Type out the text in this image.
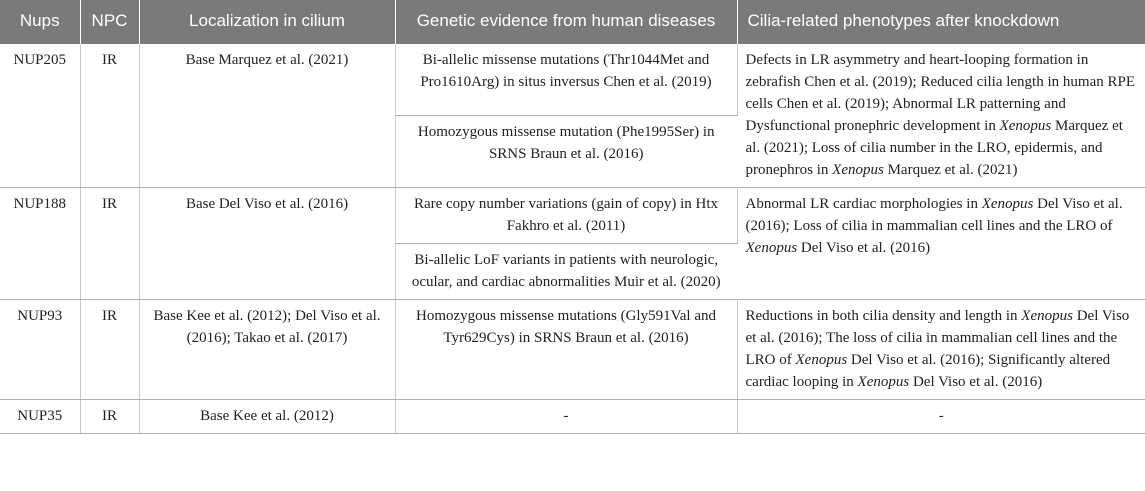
Nups	NPC	Localization in cilium	Genetic evidence from human diseases	Cilia-related phenotypes after knockdown
NUP205	IR	Base Marquez et al. (2021)	Bi-allelic missense mutations (Thr1044Met and Pro1610Arg) in situs inversus Chen et al. (2019)	Defects in LR asymmetry and heart-looping formation in zebrafish Chen et al. (2019); Reduced cilia length in human RPE cells Chen et al. (2019); Abnormal LR patterning and Dysfunctional pronephric development in Xenopus Marquez et al. (2021); Loss of cilia number in the LRO, epidermis, and pronephros in Xenopus Marquez et al. (2021)
			Homozygous missense mutation (Phe1995Ser) in SRNS Braun et al. (2016)	
NUP188	IR	Base Del Viso et al. (2016)	Rare copy number variations (gain of copy) in Htx Fakhro et al. (2011)	Abnormal LR cardiac morphologies in Xenopus Del Viso et al. (2016); Loss of cilia in mammalian cell lines and the LRO of Xenopus Del Viso et al. (2016)
			Bi-allelic LoF variants in patients with neurologic, ocular, and cardiac abnormalities Muir et al. (2020)	
NUP93	IR	Base Kee et al. (2012); Del Viso et al. (2016); Takao et al. (2017)	Homozygous missense mutations (Gly591Val and Tyr629Cys) in SRNS Braun et al. (2016)	Reductions in both cilia density and length in Xenopus Del Viso et al. (2016); The loss of cilia in mammalian cell lines and the LRO of Xenopus Del Viso et al. (2016); Significantly altered cardiac looping in Xenopus Del Viso et al. (2016)
NUP35	IR	Base Kee et al. (2012)	-	-
